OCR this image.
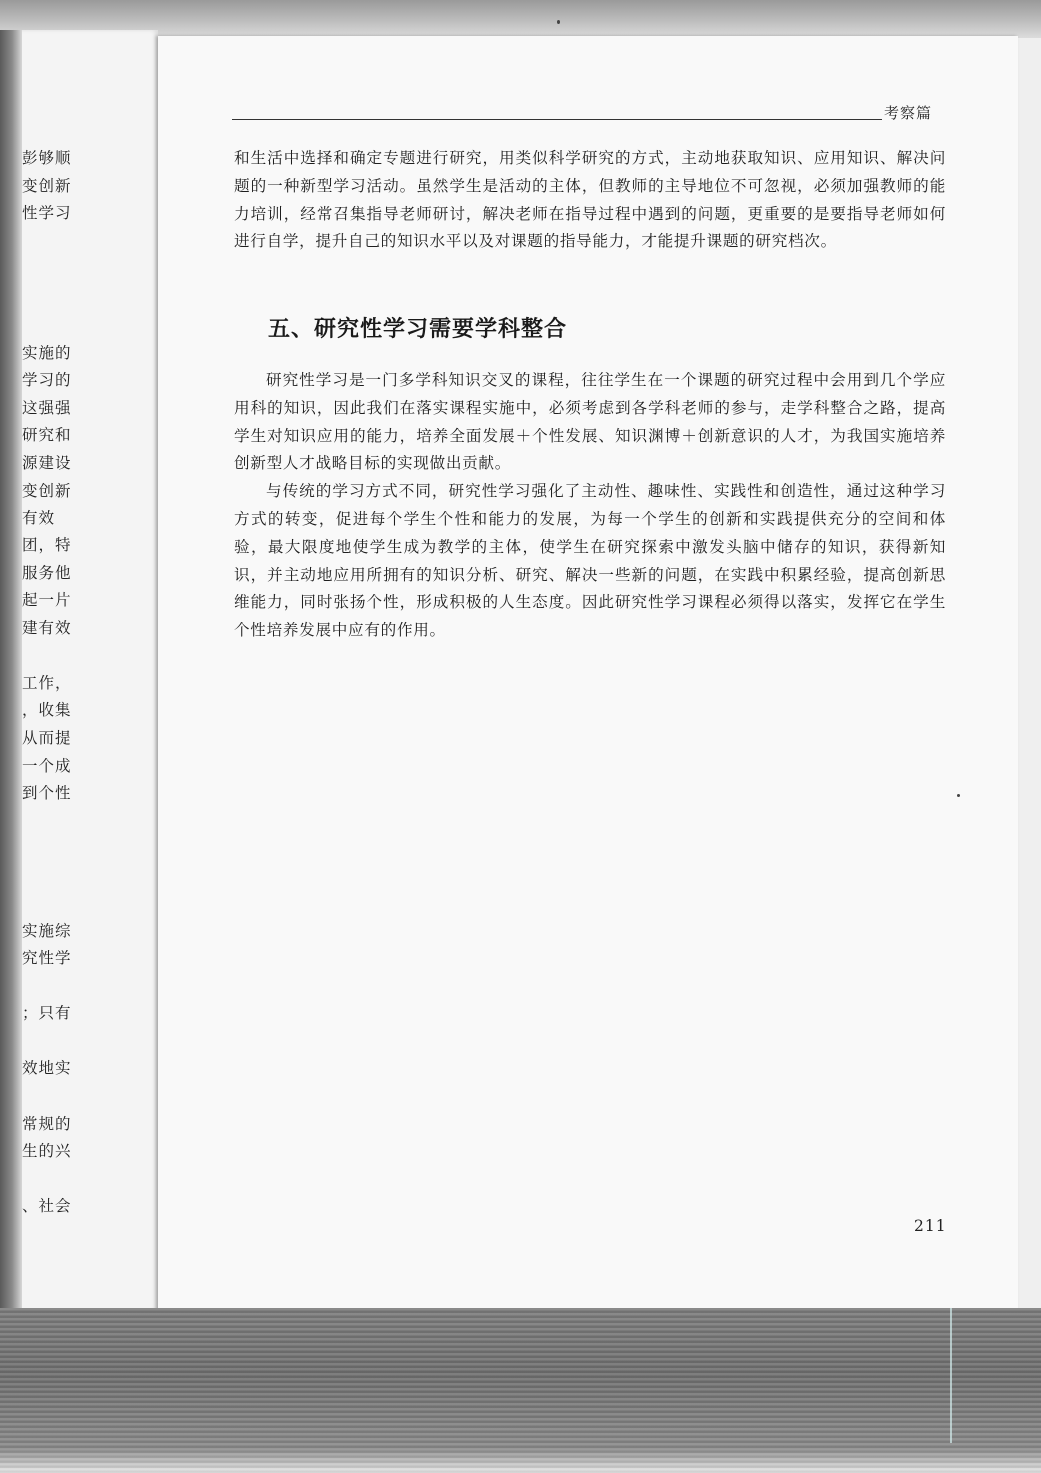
彭够顺
变创新
性学习
实施的
学习的
这强强
研究和
源建设
变创新
有效
团，特
服务他
起一片
建有效
工作，
，收集
从而提
一个成
到个性
实施综
究性学
；只有
效地实
常规的
生的兴
、社会
考察篇

和生活中选择和确定专题进行研究，用类似科学研究的方式，主动地获取知识、应用知识、解决问题的一种新型学习活动。虽然学生是活动的主体，但教师的主导地位不可忽视，必须加强教师的能力培训，经常召集指导老师研讨，解决老师在指导过程中遇到的问题，更重要的是要指导老师如何进行自学，提升自己的知识水平以及对课题的指导能力，才能提升课题的研究档次。

五、研究性学习需要学科整合

研究性学习是一门多学科知识交叉的课程，往往学生在一个课题的研究过程中会用到几个学应用科的知识，因此我们在落实课程实施中，必须考虑到各学科老师的参与，走学科整合之路，提高学生对知识应用的能力，培养全面发展＋个性发展、知识渊博＋创新意识的人才，为我国实施培养创新型人才战略目标的实现做出贡献。

与传统的学习方式不同，研究性学习强化了主动性、趣味性、实践性和创造性，通过这种学习方式的转变，促进每个学生个性和能力的发展，为每一个学生的创新和实践提供充分的空间和体验，最大限度地使学生成为教学的主体，使学生在研究探索中激发头脑中储存的知识，获得新知识，并主动地应用所拥有的知识分析、研究、解决一些新的问题，在实践中积累经验，提高创新思维能力，同时张扬个性，形成积极的人生态度。因此研究性学习课程必须得以落实，发挥它在学生个性培养发展中应有的作用。

211
